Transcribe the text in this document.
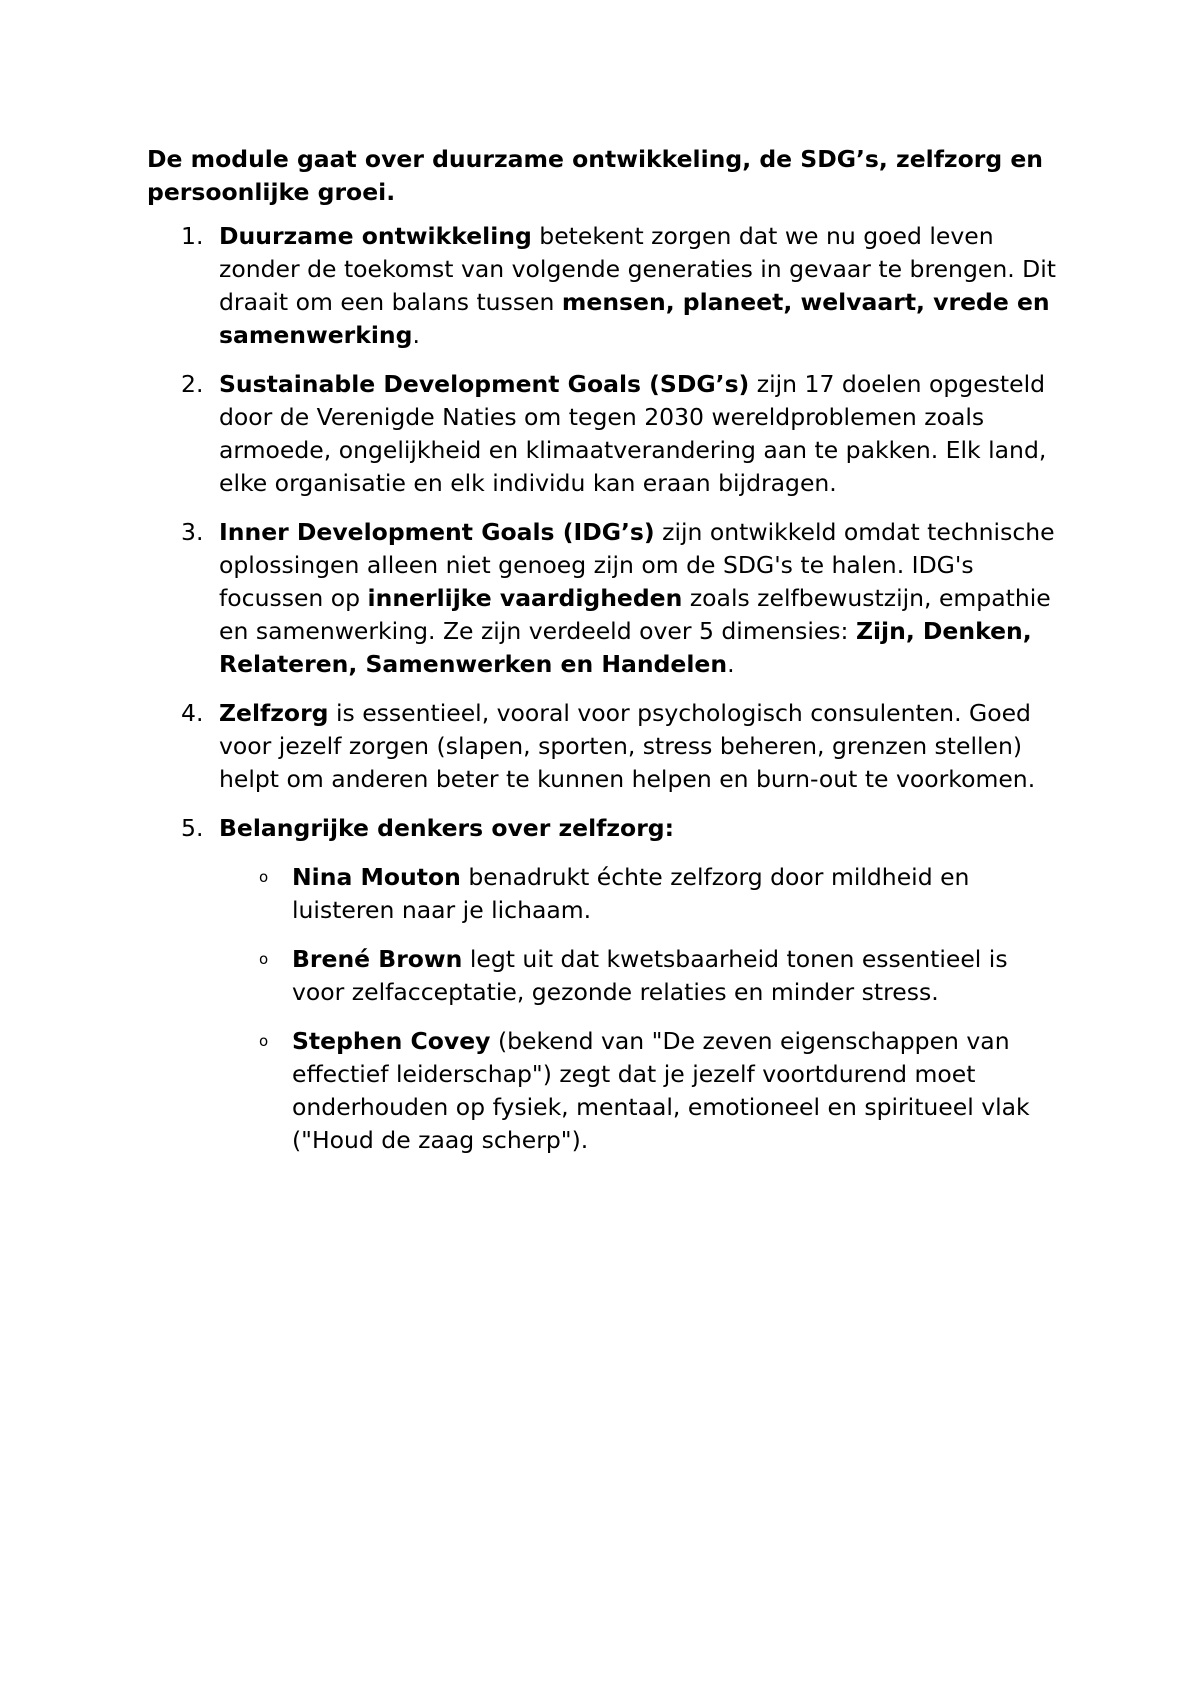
De module gaat over duurzame ontwikkeling, de SDG’s, zelfzorg en persoonlijke groei.

1. Duurzame ontwikkeling betekent zorgen dat we nu goed leven zonder de toekomst van volgende generaties in gevaar te brengen. Dit draait om een balans tussen mensen, planeet, welvaart, vrede en samenwerking.
2. Sustainable Development Goals (SDG’s) zijn 17 doelen opgesteld door de Verenigde Naties om tegen 2030 wereldproblemen zoals armoede, ongelijkheid en klimaatverandering aan te pakken. Elk land, elke organisatie en elk individu kan eraan bijdragen.
3. Inner Development Goals (IDG’s) zijn ontwikkeld omdat technische oplossingen alleen niet genoeg zijn om de SDG's te halen. IDG's focussen op innerlijke vaardigheden zoals zelfbewustzijn, empathie en samenwerking. Ze zijn verdeeld over 5 dimensies: Zijn, Denken, Relateren, Samenwerken en Handelen.
4. Zelfzorg is essentieel, vooral voor psychologisch consulenten. Goed voor jezelf zorgen (slapen, sporten, stress beheren, grenzen stellen) helpt om anderen beter te kunnen helpen en burn-out te voorkomen.
5. Belangrijke denkers over zelfzorg:
o Nina Mouton benadrukt échte zelfzorg door mildheid en luisteren naar je lichaam.
o Brené Brown legt uit dat kwetsbaarheid tonen essentieel is voor zelfacceptatie, gezonde relaties en minder stress.
o Stephen Covey (bekend van "De zeven eigenschappen van effectief leiderschap") zegt dat je jezelf voortdurend moet onderhouden op fysiek, mentaal, emotioneel en spiritueel vlak ("Houd de zaag scherp").
